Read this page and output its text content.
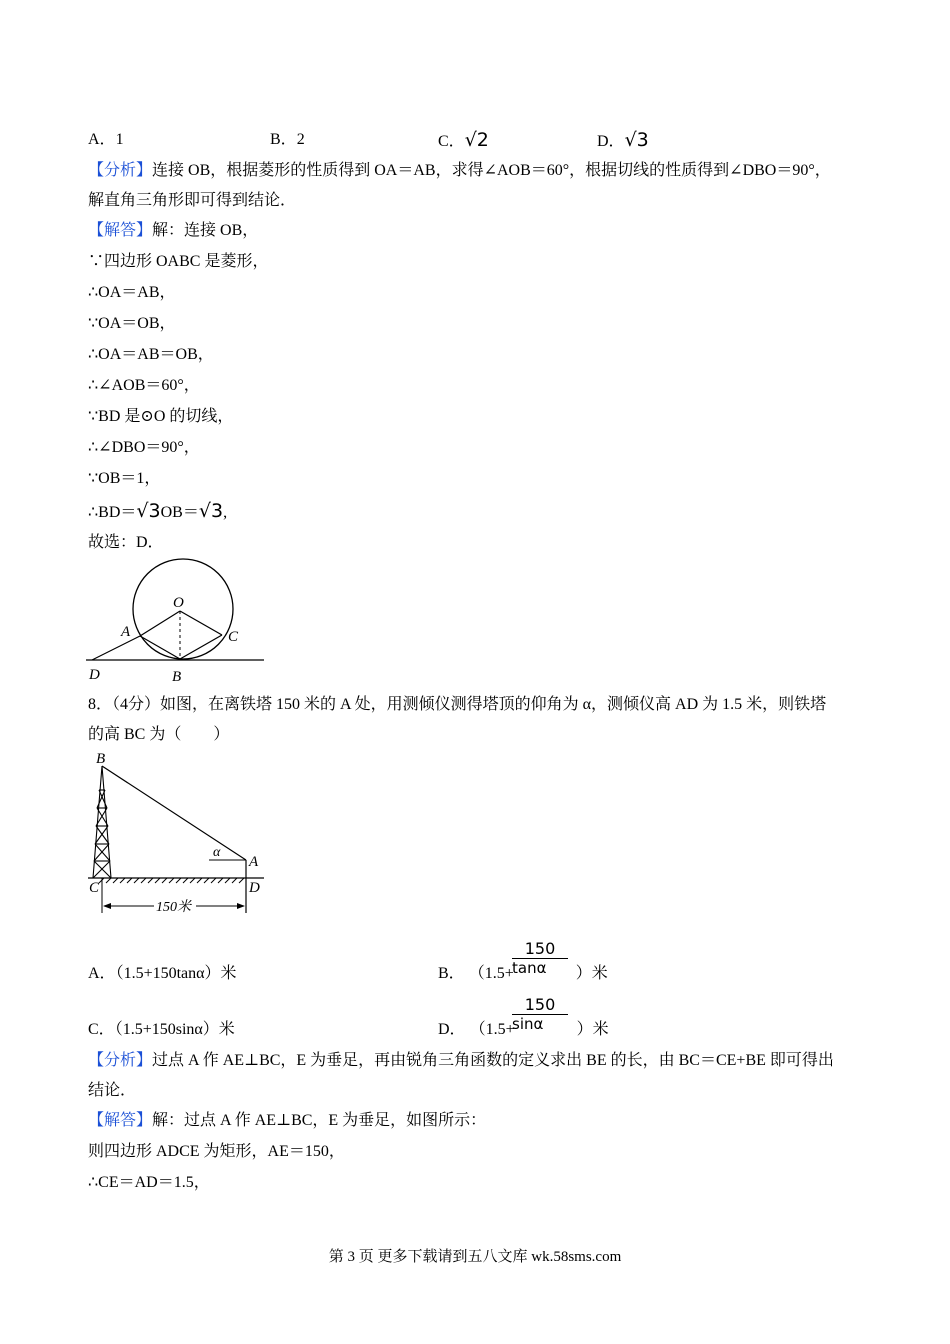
A．1	B．2	C．√2	D．√3
【分析】连接 OB，根据菱形的性质得到 OA＝AB，求得∠AOB＝60°，根据切线的性质得到∠DBO＝90°，
解直角三角形即可得到结论．
【解答】解：连接 OB，
∵四边形 OABC 是菱形，
∴OA＝AB，
∵OA＝OB，
∴OA＝AB＝OB，
∴∠AOB＝60°，
∵BD 是⊙O 的切线，
∴∠DBO＝90°，
∵OB＝1，
∴BD＝√3OB＝√3,
故选：D．
O
A	C
D	B
8．（4分）如图，在离铁塔 150 米的 A 处，用测倾仪测得塔顶的仰角为 α，测倾仪高 AD 为 1.5 米，则铁塔
的高 BC 为（　　）
150米
B
α
A
C	D
A．（1.5+150tanα）米	B． （1.5+	）米
150
tanα
C．（1.5+150sinα）米	D． （1.5+	）米
150
sinα
【分析】过点 A 作 AE⊥BC，E 为垂足，再由锐角三角函数的定义求出 BE 的长，由 BC＝CE+BE 即可得出
结论．
【解答】解：过点 A 作 AE⊥BC，E 为垂足，如图所示：
则四边形 ADCE 为矩形，AE＝150，
∴CE＝AD＝1.5，
第 3 页 更多下载请到五八文库 wk.58sms.com
